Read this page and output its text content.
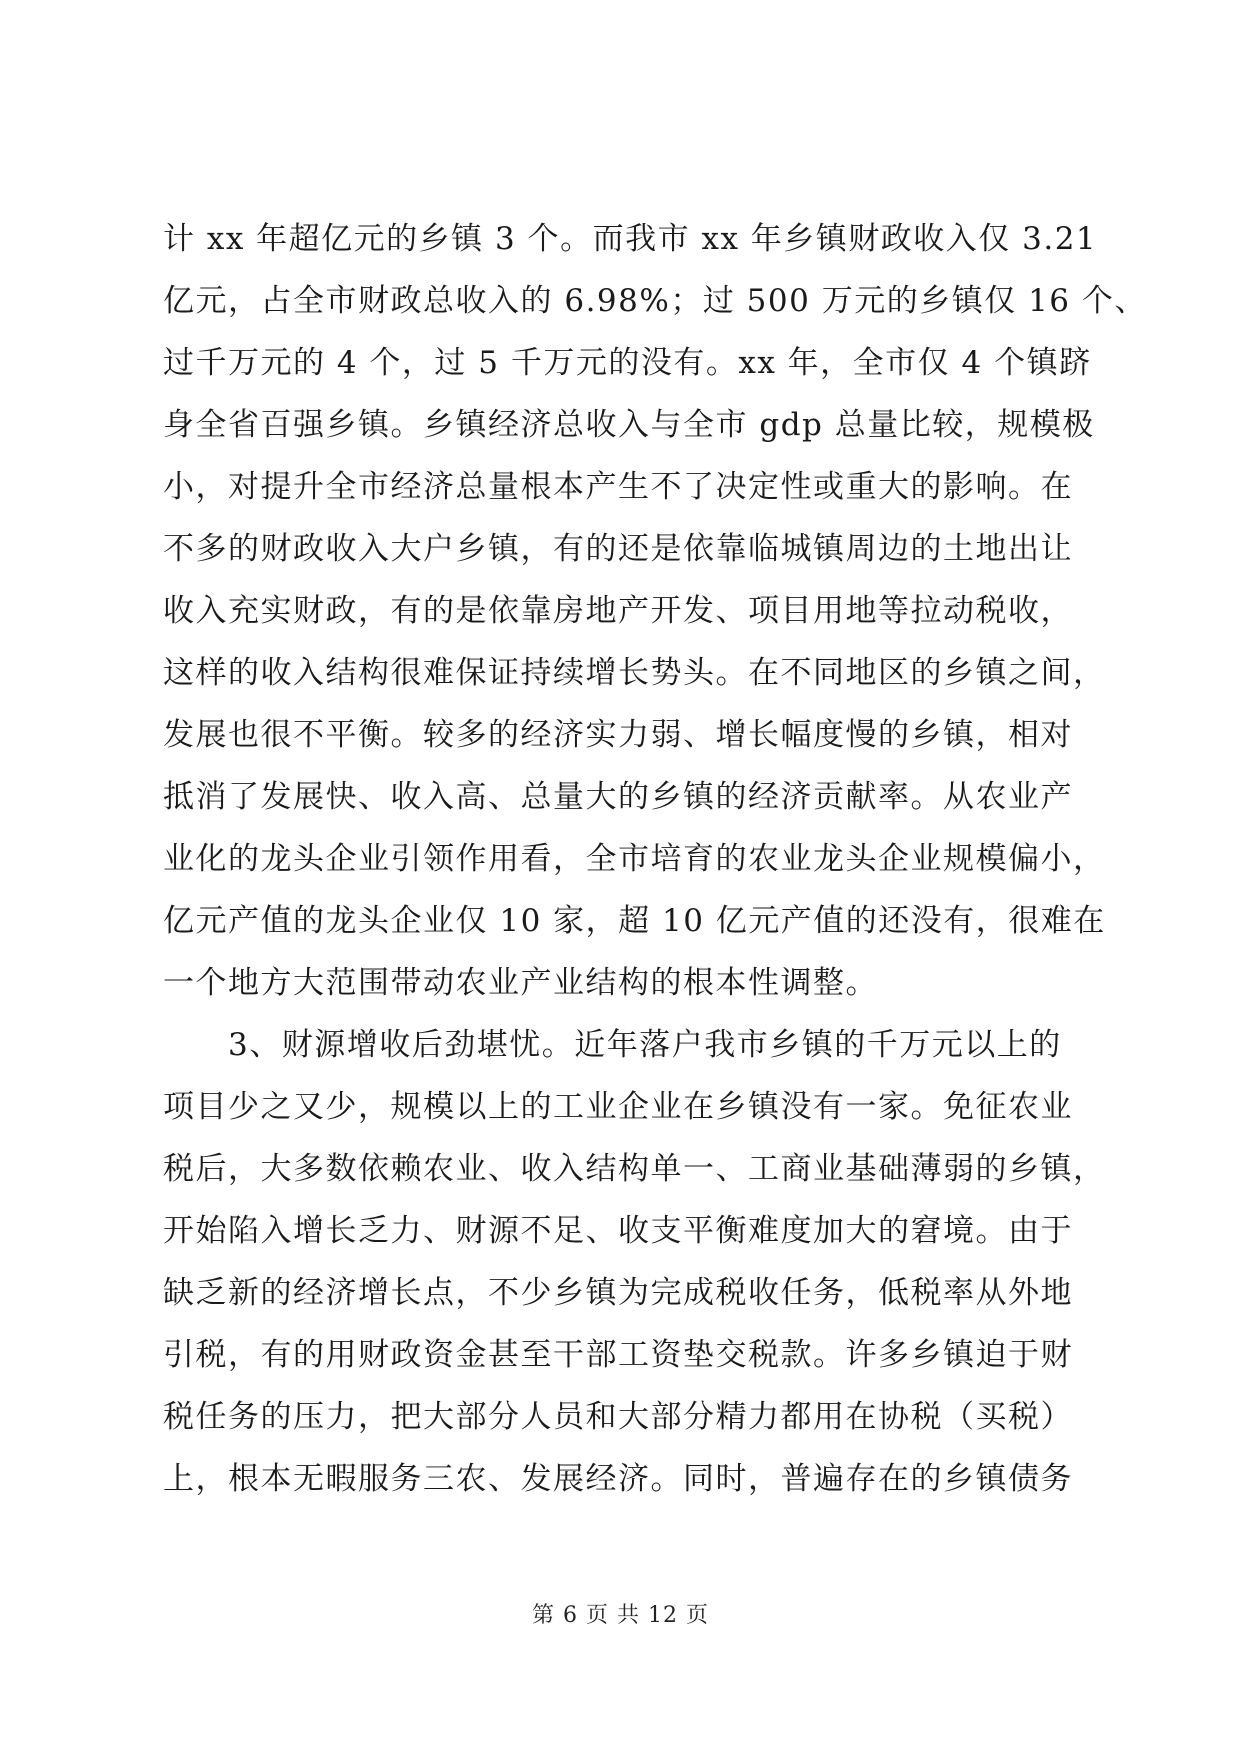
计 xx 年超亿元的乡镇 3 个。而我市 xx 年乡镇财政收入仅 3.21
亿元，占全市财政总收入的 6.98%；过 500 万元的乡镇仅 16 个、
过千万元的 4 个，过 5 千万元的没有。xx 年，全市仅 4 个镇跻
身全省百强乡镇。乡镇经济总收入与全市 gdp 总量比较，规模极
小，对提升全市经济总量根本产生不了决定性或重大的影响。在
不多的财政收入大户乡镇，有的还是依靠临城镇周边的土地出让
收入充实财政，有的是依靠房地产开发、项目用地等拉动税收，
这样的收入结构很难保证持续增长势头。在不同地区的乡镇之间，
发展也很不平衡。较多的经济实力弱、增长幅度慢的乡镇，相对
抵消了发展快、收入高、总量大的乡镇的经济贡献率。从农业产
业化的龙头企业引领作用看，全市培育的农业龙头企业规模偏小，
亿元产值的龙头企业仅 10 家，超 10 亿元产值的还没有，很难在
一个地方大范围带动农业产业结构的根本性调整。
　　3、财源增收后劲堪忧。近年落户我市乡镇的千万元以上的
项目少之又少，规模以上的工业企业在乡镇没有一家。免征农业
税后，大多数依赖农业、收入结构单一、工商业基础薄弱的乡镇，
开始陷入增长乏力、财源不足、收支平衡难度加大的窘境。由于
缺乏新的经济增长点，不少乡镇为完成税收任务，低税率从外地
引税，有的用财政资金甚至干部工资垫交税款。许多乡镇迫于财
税任务的压力，把大部分人员和大部分精力都用在协税（买税）
上，根本无暇服务三农、发展经济。同时，普遍存在的乡镇债务
第 6 页 共 12 页
